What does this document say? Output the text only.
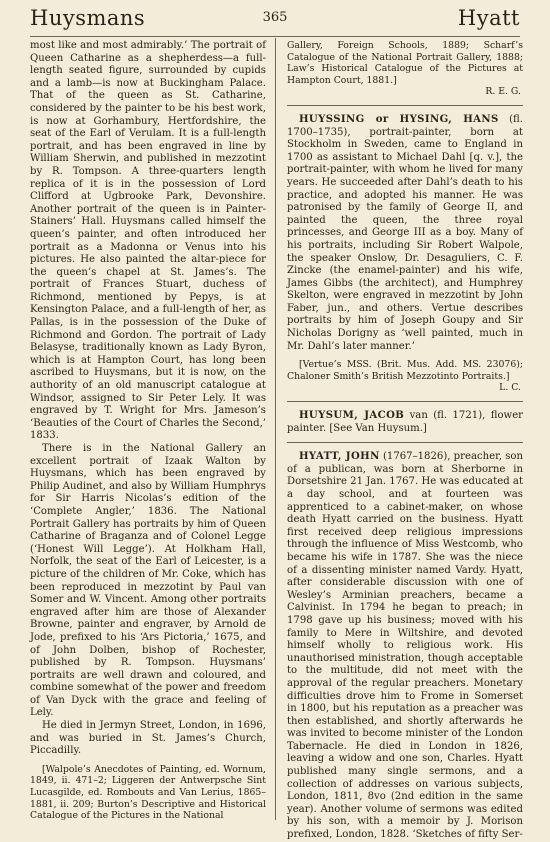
Huysmans	365	Hyatt

most like and most admirably.’ The portrait of Queen Catharine as a shepherdess—a full-length seated figure, surrounded by cupids and a lamb—is now at Buckingham Palace. That of the queen as St. Catharine, considered by the painter to be his best work, is now at Gorhambury, Hertfordshire, the seat of the Earl of Verulam. It is a full-length portrait, and has been engraved in line by William Sherwin, and published in mezzotint by R. Tompson. A three-quarters length replica of it is in the possession of Lord Clifford at Ugbrooke Park, Devonshire. Another portrait of the queen is in Painter-Stainers’ Hall. Huysmans called himself the queen’s painter, and often introduced her portrait as a Madonna or Venus into his pictures. He also painted the altar-piece for the queen’s chapel at St. James’s. The portrait of Frances Stuart, duchess of Richmond, mentioned by Pepys, is at Kensington Palace, and a full-length of her, as Pallas, is in the possession of the Duke of Richmond and Gordon. The portrait of Lady Belasyse, traditionally known as Lady Byron, which is at Hampton Court, has long been ascribed to Huysmans, but it is now, on the authority of an old manuscript catalogue at Windsor, assigned to Sir Peter Lely. It was engraved by T. Wright for Mrs. Jameson’s ‘Beauties of the Court of Charles the Second,’ 1833.

There is in the National Gallery an excellent portrait of Izaak Walton by Huysmans, which has been engraved by Philip Audinet, and also by William Humphrys for Sir Harris Nicolas’s edition of the ‘Complete Angler,’ 1836. The National Portrait Gallery has portraits by him of Queen Catharine of Braganza and of Colonel Legge (‘Honest Will Legge’). At Holkham Hall, Norfolk, the seat of the Earl of Leicester, is a picture of the children of Mr. Coke, which has been reproduced in mezzotint by Paul van Somer and W. Vincent. Among other portraits engraved after him are those of Alexander Browne, painter and engraver, by Arnold de Jode, prefixed to his ‘Ars Pictoria,’ 1675, and of John Dolben, bishop of Rochester, published by R. Tompson. Huysmans’ portraits are well drawn and coloured, and combine somewhat of the power and freedom of Van Dyck with the grace and feeling of Lely.

He died in Jermyn Street, London, in 1696, and was buried in St. James’s Church, Piccadilly.

[Walpole’s Anecdotes of Painting, ed. Wornum, 1849, ii. 471–2; Liggeren der Antwerpsche Sint Lucasgilde, ed. Rombouts and Van Lerius, 1865–1881, ii. 209; Burton’s Descriptive and Historical Catalogue of the Pictures in the National

Gallery, Foreign Schools, 1889; Scharf’s Catalogue of the National Portrait Gallery, 1888; Law’s Historical Catalogue of the Pictures at Hampton Court, 1881.]

R. E. G.

HUYSSING or HYSING, HANS (fl. 1700–1735), portrait-painter, born at Stockholm in Sweden, came to England in 1700 as assistant to Michael Dahl [q. v.], the portrait-painter, with whom he lived for many years. He succeeded after Dahl’s death to his practice, and adopted his manner. He was patronised by the family of George II, and painted the queen, the three royal princesses, and George III as a boy. Many of his portraits, including Sir Robert Walpole, the speaker Onslow, Dr. Desaguliers, C. F. Zincke (the enamel-painter) and his wife, James Gibbs (the architect), and Humphrey Skelton, were engraved in mezzotint by John Faber, jun., and others. Vertue describes portraits by him of Joseph Goupy and Sir Nicholas Dorigny as ‘well painted, much in Mr. Dahl’s later manner.’

[Vertue’s MSS. (Brit. Mus. Add. MS. 23076); Chaloner Smith’s British Mezzotinto Portraits.]

L. C.

HUYSUM, JACOB van (fl. 1721), flower painter. [See Van Huysum.]

HYATT, JOHN (1767–1826), preacher, son of a publican, was born at Sherborne in Dorsetshire 21 Jan. 1767. He was educated at a day school, and at fourteen was apprenticed to a cabinet-maker, on whose death Hyatt carried on the business. Hyatt first received deep religious impressions through the influence of Miss Westcomb, who became his wife in 1787. She was the niece of a dissenting minister named Vardy. Hyatt, after considerable discussion with one of Wesley’s Arminian preachers, became a Calvinist. In 1794 he began to preach; in 1798 gave up his business; moved with his family to Mere in Wiltshire, and devoted himself wholly to religious work. His unauthorised ministration, though acceptable to the multitude, did not meet with the approval of the regular preachers. Monetary difficulties drove him to Frome in Somerset in 1800, but his reputation as a preacher was then established, and shortly afterwards he was invited to become minister of the London Tabernacle. He died in London in 1826, leaving a widow and one son, Charles. Hyatt published many single sermons, and a collection of addresses on various subjects, London, 1811, 8vo (2nd edition in the same year). Another volume of sermons was edited by his son, with a memoir by J. Morison prefixed, London, 1828. ‘Sketches of fifty Ser-
